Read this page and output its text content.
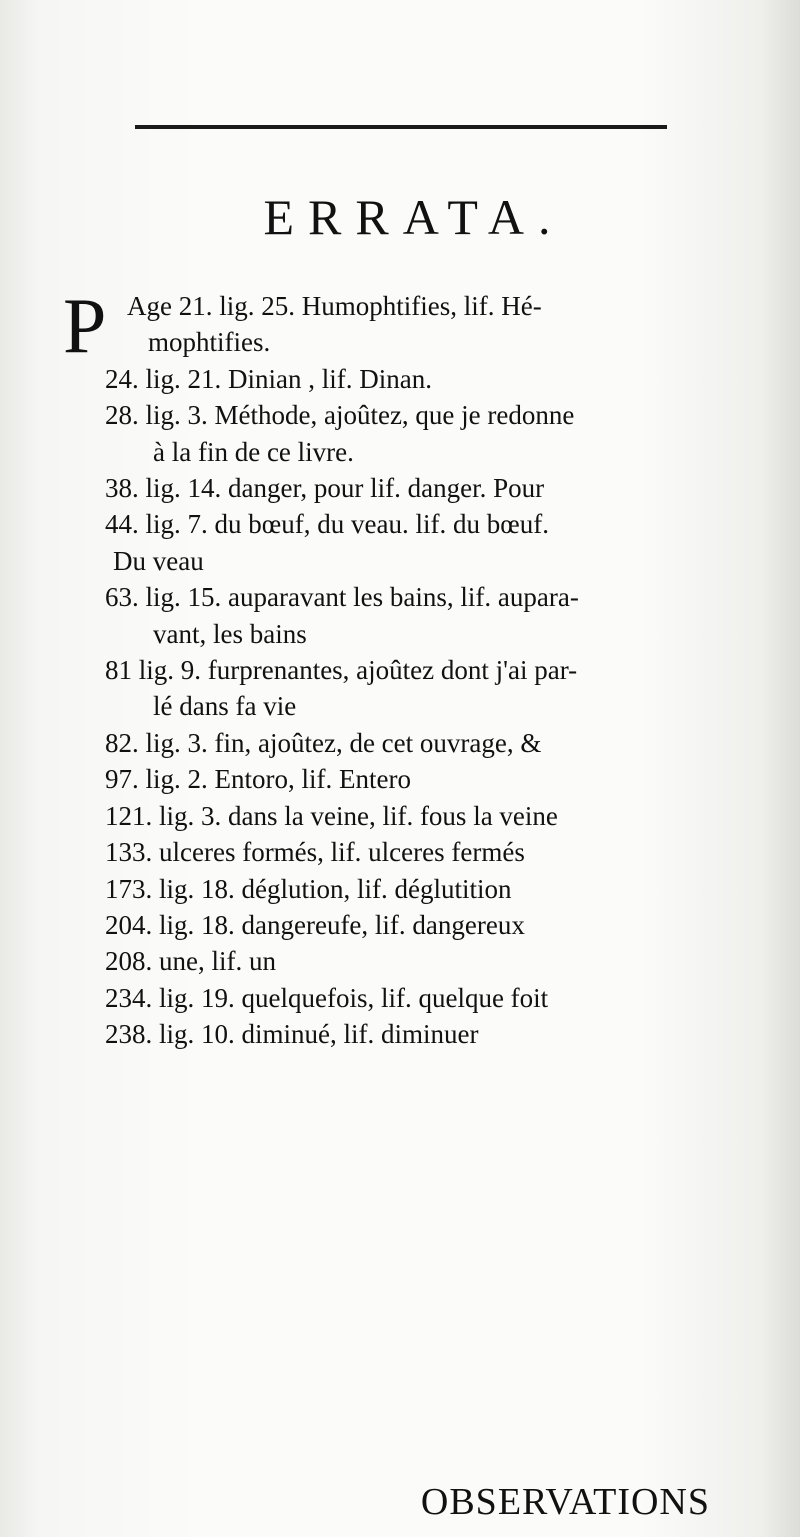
ERRATA.
P Age 21. lig. 25. Humophtifies, lif. Hé-
mophtifies.
24. lig. 21. Dinian , lif. Dinan.
28. lig. 3. Méthode, ajoûtez, que je redonne
à la fin de ce livre.
38. lig. 14. danger, pour lif. danger. Pour
44. lig. 7. du bœuf, du veau. lif. du bœuf.
Du veau
63. lig. 15. auparavant les bains, lif. aupara-
vant, les bains
81 lig. 9. furprenantes, ajoûtez dont j'ai par-
lé dans fa vie
82. lig. 3. fin, ajoûtez, de cet ouvrage, &
97. lig. 2. Entoro, lif. Entero
121. lig. 3. dans la veine, lif. fous la veine
133. ulceres formés, lif. ulceres fermés
173. lig. 18. déglution, lif. déglutition
204. lig. 18. dangereufe, lif. dangereux
208. une, lif. un
234. lig. 19. quelquefois, lif. quelque foit
238. lig. 10. diminué, lif. diminuer
OBSERVATIONS
